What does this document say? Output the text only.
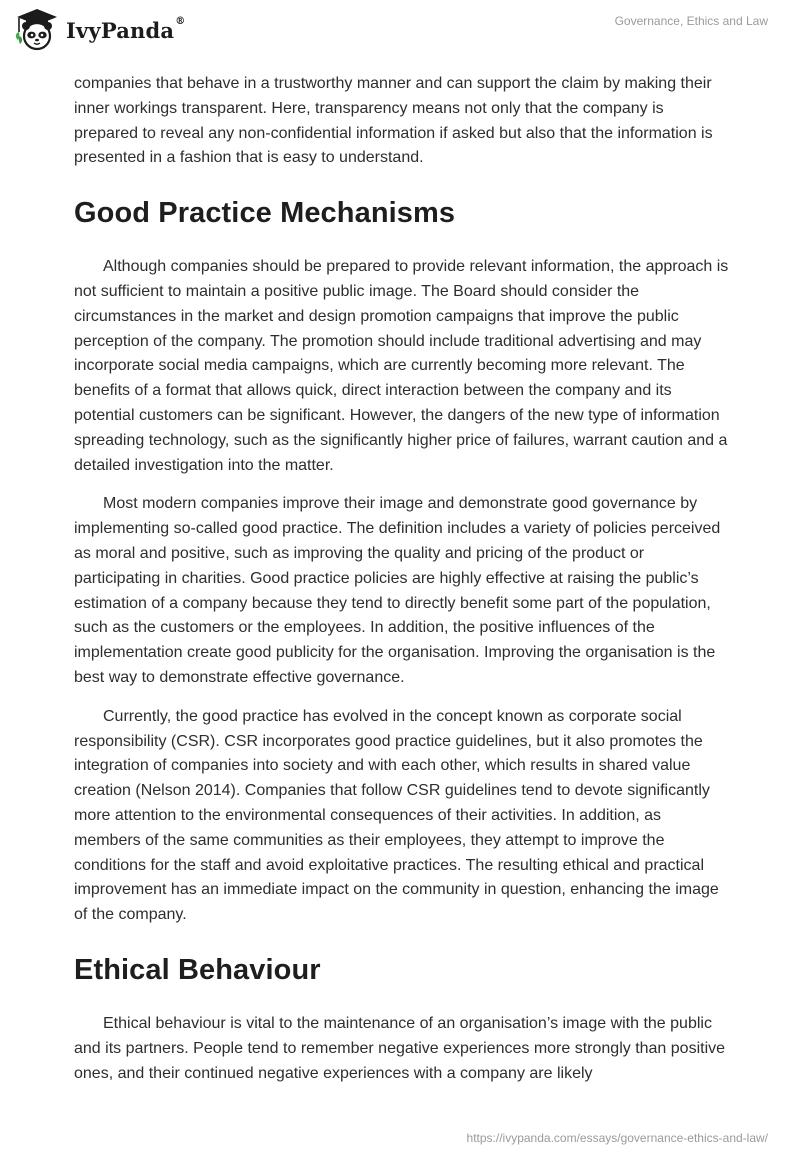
IvyPanda®	Governance, Ethics and Law

companies that behave in a trustworthy manner and can support the claim by making their inner workings transparent. Here, transparency means not only that the company is prepared to reveal any non-confidential information if asked but also that the information is presented in a fashion that is easy to understand.

Good Practice Mechanisms

Although companies should be prepared to provide relevant information, the approach is not sufficient to maintain a positive public image. The Board should consider the circumstances in the market and design promotion campaigns that improve the public perception of the company. The promotion should include traditional advertising and may incorporate social media campaigns, which are currently becoming more relevant. The benefits of a format that allows quick, direct interaction between the company and its potential customers can be significant. However, the dangers of the new type of information spreading technology, such as the significantly higher price of failures, warrant caution and a detailed investigation into the matter.

Most modern companies improve their image and demonstrate good governance by implementing so-called good practice. The definition includes a variety of policies perceived as moral and positive, such as improving the quality and pricing of the product or participating in charities. Good practice policies are highly effective at raising the public’s estimation of a company because they tend to directly benefit some part of the population, such as the customers or the employees. In addition, the positive influences of the implementation create good publicity for the organisation. Improving the organisation is the best way to demonstrate effective governance.

Currently, the good practice has evolved in the concept known as corporate social responsibility (CSR). CSR incorporates good practice guidelines, but it also promotes the integration of companies into society and with each other, which results in shared value creation (Nelson 2014). Companies that follow CSR guidelines tend to devote significantly more attention to the environmental consequences of their activities. In addition, as members of the same communities as their employees, they attempt to improve the conditions for the staff and avoid exploitative practices. The resulting ethical and practical improvement has an immediate impact on the community in question, enhancing the image of the company.

Ethical Behaviour

Ethical behaviour is vital to the maintenance of an organisation’s image with the public and its partners. People tend to remember negative experiences more strongly than positive ones, and their continued negative experiences with a company are likely

https://ivypanda.com/essays/governance-ethics-and-law/
